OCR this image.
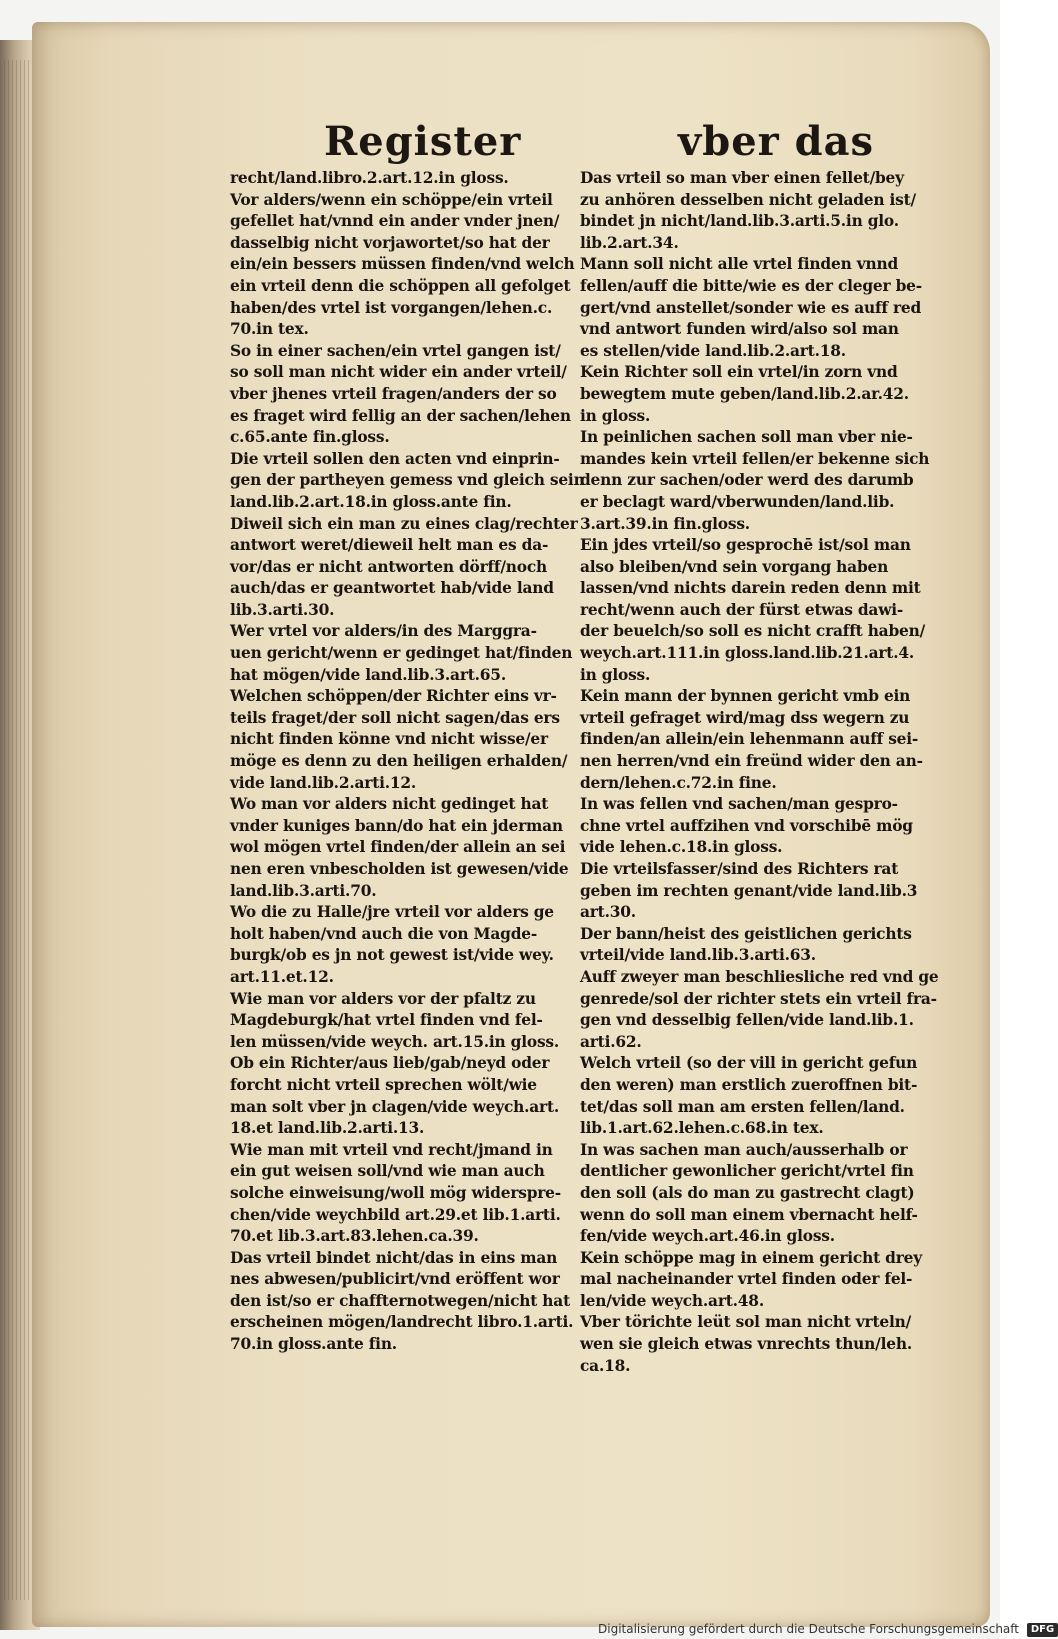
Register	vber das
recht/land.libro.2.art.12.in gloss.
Vor alders/wenn ein schöppe/ein vrteil
gefellet hat/vnnd ein ander vnder jnen/
dasselbig nicht vorjawortet/so hat der
ein/ein bessers müssen finden/vnd welch
ein vrteil denn die schöppen all gefolget
haben/des vrtel ist vorgangen/lehen.c.
70.in tex.
So in einer sachen/ein vrtel gangen ist/
so soll man nicht wider ein ander vrteil/
vber jhenes vrteil fragen/anders der so
es fraget wird fellig an der sachen/lehen
c.65.ante fin.gloss.
Die vrteil sollen den acten vnd einprin-
gen der partheyen gemess vnd gleich sein
land.lib.2.art.18.in gloss.ante fin.
Diweil sich ein man zu eines clag/rechter
antwort weret/dieweil helt man es da-
vor/das er nicht antworten dörff/noch
auch/das er geantwortet hab/vide land
lib.3.arti.30.
Wer vrtel vor alders/in des Marggra-
uen gericht/wenn er gedinget hat/finden
hat mögen/vide land.lib.3.art.65.
Welchen schöppen/der Richter eins vr-
teils fraget/der soll nicht sagen/das ers
nicht finden könne vnd nicht wisse/er
möge es denn zu den heiligen erhalden/
vide land.lib.2.arti.12.
Wo man vor alders nicht gedinget hat
vnder kuniges bann/do hat ein jderman
wol mögen vrtel finden/der allein an sei
nen eren vnbescholden ist gewesen/vide
land.lib.3.arti.70.
Wo die zu Halle/jre vrteil vor alders ge
holt haben/vnd auch die von Magde-
burgk/ob es jn not gewest ist/vide wey.
art.11.et.12.
Wie man vor alders vor der pfaltz zu
Magdeburgk/hat vrtel finden vnd fel-
len müssen/vide weych. art.15.in gloss.
Ob ein Richter/aus lieb/gab/neyd oder
forcht nicht vrteil sprechen wölt/wie
man solt vber jn clagen/vide weych.art.
18.et land.lib.2.arti.13.
Wie man mit vrteil vnd recht/jmand in
ein gut weisen soll/vnd wie man auch
solche einweisung/woll mög widerspre-
chen/vide weychbild art.29.et lib.1.arti.
70.et lib.3.art.83.lehen.ca.39.
Das vrteil bindet nicht/das in eins man
nes abwesen/publicirt/vnd eröffent wor
den ist/so er chaffternotwegen/nicht hat
erscheinen mögen/landrecht libro.1.arti.
70.in gloss.ante fin.
Das vrteil so man vber einen fellet/bey
zu anhören desselben nicht geladen ist/
bindet jn nicht/land.lib.3.arti.5.in glo.
lib.2.art.34.
Mann soll nicht alle vrtel finden vnnd
fellen/auff die bitte/wie es der cleger be-
gert/vnd anstellet/sonder wie es auff red
vnd antwort funden wird/also sol man
es stellen/vide land.lib.2.art.18.
Kein Richter soll ein vrtel/in zorn vnd
bewegtem mute geben/land.lib.2.ar.42.
in gloss.
In peinlichen sachen soll man vber nie-
mandes kein vrteil fellen/er bekenne sich
denn zur sachen/oder werd des darumb
er beclagt ward/vberwunden/land.lib.
3.art.39.in fin.gloss.
Ein jdes vrteil/so gesprochē ist/sol man
also bleiben/vnd sein vorgang haben
lassen/vnd nichts darein reden denn mit
recht/wenn auch der fürst etwas dawi-
der beuelch/so soll es nicht crafft haben/
weych.art.111.in gloss.land.lib.21.art.4.
in gloss.
Kein mann der bynnen gericht vmb ein
vrteil gefraget wird/mag dss wegern zu
finden/an allein/ein lehenmann auff sei-
nen herren/vnd ein freünd wider den an-
dern/lehen.c.72.in fine.
In was fellen vnd sachen/man gespro-
chne vrtel auffzihen vnd vorschibē mög
vide lehen.c.18.in gloss.
Die vrteilsfasser/sind des Richters rat
geben im rechten genant/vide land.lib.3
art.30.
Der bann/heist des geistlichen gerichts
vrteil/vide land.lib.3.arti.63.
Auff zweyer man beschliesliche red vnd ge
genrede/sol der richter stets ein vrteil fra-
gen vnd desselbig fellen/vide land.lib.1.
arti.62.
Welch vrteil (so der vill in gericht gefun
den weren) man erstlich zueroffnen bit-
tet/das soll man am ersten fellen/land.
lib.1.art.62.lehen.c.68.in tex.
In was sachen man auch/ausserhalb or
dentlicher gewonlicher gericht/vrtel fin
den soll (als do man zu gastrecht clagt)
wenn do soll man einem vbernacht helf-
fen/vide weych.art.46.in gloss.
Kein schöppe mag in einem gericht drey
mal nacheinander vrtel finden oder fel-
len/vide weych.art.48.
Vber törichte leüt sol man nicht vrteln/
wen sie gleich etwas vnrechts thun/leh.
ca.18.
Digitalisierung gefördert durch die Deutsche Forschungsgemeinschaft DFG
